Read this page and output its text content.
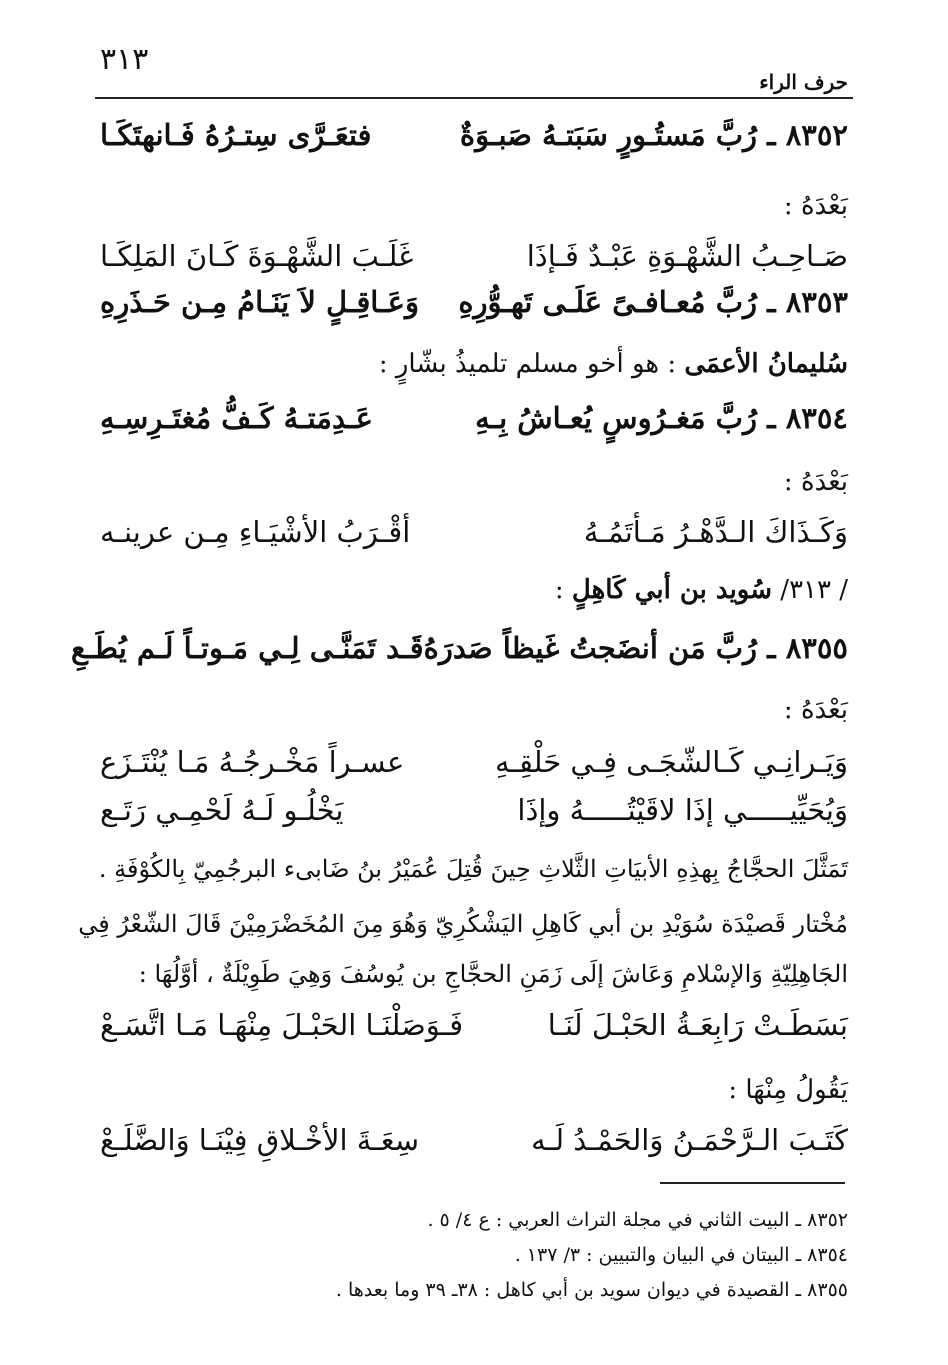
٣١٣
حرف الراء
٨٣٥٢ ـ رُبَّ مَستُـورٍ سَبَتـهُ صَبـوَةٌ
فتعَـرَّى سِتـرُهُ فَـانهتَكَـا
بَعْدَهُ :
صَـاحِـبُ الشَّهْـوَةِ عَبْـدٌ فَـإذَا
غَلَـبَ الشَّهْـوَةَ كَـانَ المَلِكَـا
٨٣٥٣ ـ رُبَّ مُعـافـىً عَلَـى تَهـوُّرِهِ
وَعَـاقِـلٍ لاَ يَنَـامُ مِـن حَـذَرِهِ
سُليمانُ الأعمَى : هو أخو مسلم تلميذُ بشّارٍ :
٨٣٥٤ ـ رُبَّ مَغـرُوسٍ يُعـاشُ بِـهِ
عَـدِمَتـهُ كَـفُّ مُغتَـرِسِـهِ
بَعْدَهُ :
وَكَـذَاكَ الـدَّهْـرُ مَـأتَمُـهُ
أقْـرَبُ الأشْيَـاءِ مِـن عرينـه
/ ٣١٣/ سُويد بن أبي كَاهِلٍ :
٨٣٥٥ ـ رُبَّ مَن أنضَجتُ غَيظاً صَدرَهُ
قَـد تَمَنَّـى لِـي مَـوتـاً لَـم يُطَـعِ
بَعْدَهُ :
وَيَـرانِـي كَـالشّجَـى فِـي حَلْقِـهِ
عسـراً مَخْـرجُـهُ مَـا يُنْتَـزَع
وَيُحَيِّيـــــي إذَا لاقَيْتُـــــهُ وإذَا
يَخْلُـو لَـهُ لَحْمِـي رَتَـع
تَمَثَّلَ الحجَّاجُ بِهذِهِ الأبيَاتِ الثَّلاثِ حِينَ قُتِلَ عُمَيْرُ بنُ ضَابىء البرجُمِيّ بِالكُوْفَةِ .
مُخْتار قَصيْدَة سُوَيْدِ بن أبي كَاهِلِ اليَشْكُرِيّ وَهُوَ مِنَ المُخَضْرَمِيْنَ قَالَ الشّعْرُ فِي
الجَاهِلِيّةِ وَالإسْلامِ وَعَاشَ إلَى زَمَنِ الحجَّاجِ بن يُوسُفَ وَهِيَ طَوِيْلَةٌ ، أوَّلُهَا :
بَسَطَـتْ رَابِعَـةُ الحَبْـلَ لَنَـا
فَـوَصَلْنَـا الحَبْـلَ مِنْهَـا مَـا اتَّسَـعْ
يَقُولُ مِنْهَا :
كَتَـبَ الـرَّحْمَـنُ وَالحَمْـدُ لَـه
سِعَـةَ الأخْـلاقِ فِيْنَـا وَالضَّلَـعْ
٨٣٥٢ ـ البيت الثاني في مجلة التراث العربي : ع ٤/ ٥ .
٨٣٥٤ ـ البيتان في البيان والتبيين : ٣/ ١٣٧ .
٨٣٥٥ ـ القصيدة في ديوان سويد بن أبي كاهل : ٣٨ـ ٣٩ وما بعدها .
